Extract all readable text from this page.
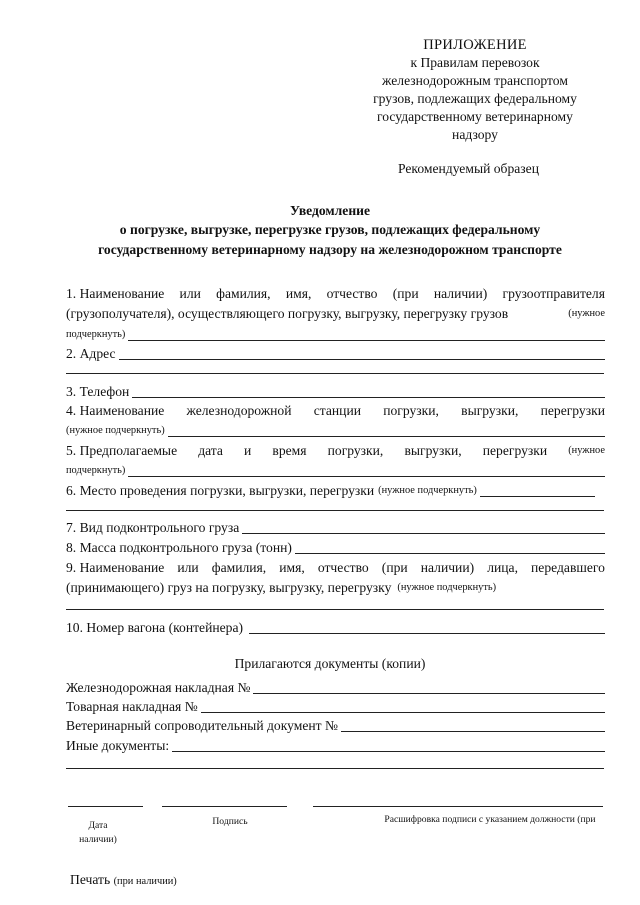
ПРИЛОЖЕНИЕ
к Правилам перевозок
железнодорожным транспортом
грузов, подлежащих федеральному
государственному ветеринарному
надзору
Рекомендуемый образец
Уведомление
о погрузке, выгрузке, перегрузке грузов, подлежащих федеральному
государственному ветеринарному надзору на железнодорожном транспорте
1. Наименование или фамилия, имя, отчество (при наличии) грузоотправителя
(грузополучателя), осуществляющего погрузку, выгрузку, перегрузку грузов	(нужное
подчеркнуть)
2. Адрес
3. Телефон
4. Наименование железнодорожной станции погрузки, выгрузки, перегрузки
(нужное подчеркнуть)
5. Предполагаемые дата и время погрузки, выгрузки, перегрузки (нужное
подчеркнуть)
6. Место проведения погрузки, выгрузки, перегрузки (нужное подчеркнуть)
7. Вид подконтрольного груза
8. Масса подконтрольного груза (тонн)
9. Наименование или фамилия, имя, отчество (при наличии) лица, передавшего
(принимающего) груз на погрузку, выгрузку, перегрузку (нужное подчеркнуть)
10. Номер вагона (контейнера)
Прилагаются документы (копии)
Железнодорожная накладная №
Товарная накладная №
Ветеринарный сопроводительный документ №
Иные документы:
Дата
наличии)
Подпись	Расшифровка подписи с указанием должности (при
Печать (при наличии)
